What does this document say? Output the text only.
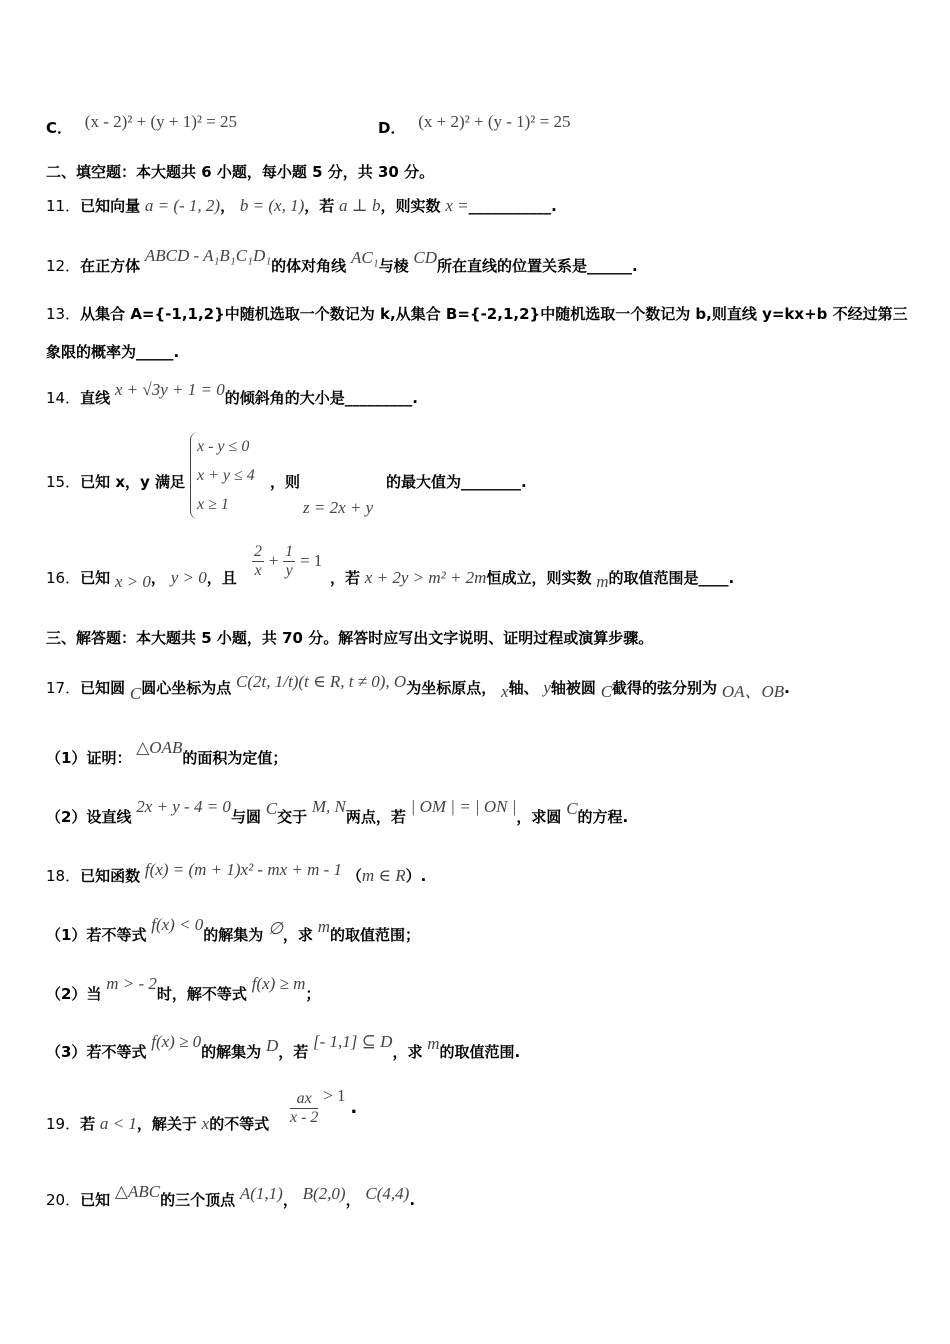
C． (x - 2)² + (y + 1)² = 25	D． (x + 2)² + (y - 1)² = 25
二、填空题：本大题共 6 小题，每小题 5 分，共 30 分。
11．已知向量 a = (- 1, 2)， b = (x, 1)，若 a ⊥ b，则实数 x =___________.
12．在正方体 ABCD - A₁B₁C₁D₁的体对角线 AC₁与棱 CD所在直线的位置关系是______.
13．从集合 A={-1,1,2}中随机选取一个数记为 k,从集合 B={-2,1,2}中随机选取一个数记为 b,则直线 y=kx+b 不经过第三
象限的概率为_____.
14．直线 x + √3y + 1 = 0的倾斜角的大小是_________.
15．已知 x，y 满足
x - y ≤ 0
x + y ≤ 4
x ≥ 1
，则
z = 2x + y
的最大值为________.
16．已知 x > 0， y > 0，且 $\frac{2}{x} + \frac{1}{y} = 1$
，若 x + 2y > m² + 2m恒成立，则实数 m的取值范围是____.
三、解答题：本大题共 5 小题，共 70 分。解答时应写出文字说明、证明过程或演算步骤。
17．已知圆 C圆心坐标为点 C(2t, 1/t)(t ∈ R, t ≠ 0), O为坐标原点， x轴、 y轴被圆 C截得的弦分别为 OA、OB.
（1）证明： △OAB的面积为定值；
（2）设直线 2x + y - 4 = 0与圆 C交于 M, N两点，若 | OM | = | ON |，求圆 C的方程.
18．已知函数 f(x) = (m + 1)x² - mx + m - 1 （m ∈ R）.
（1）若不等式 f(x) < 0的解集为 ∅，求 m的取值范围；
（2）当 m > - 2时，解不等式 f(x) ≥ m；
（3）若不等式 f(x) ≥ 0的解集为 D，若 [- 1,1] ⊆ D，求 m的取值范围.
19．若 a < 1，解关于 x的不等式 $\frac{ax}{x - 2} > 1$ .
20．已知 △ABC的三个顶点 A(1,1)， B(2,0)， C(4,4).
